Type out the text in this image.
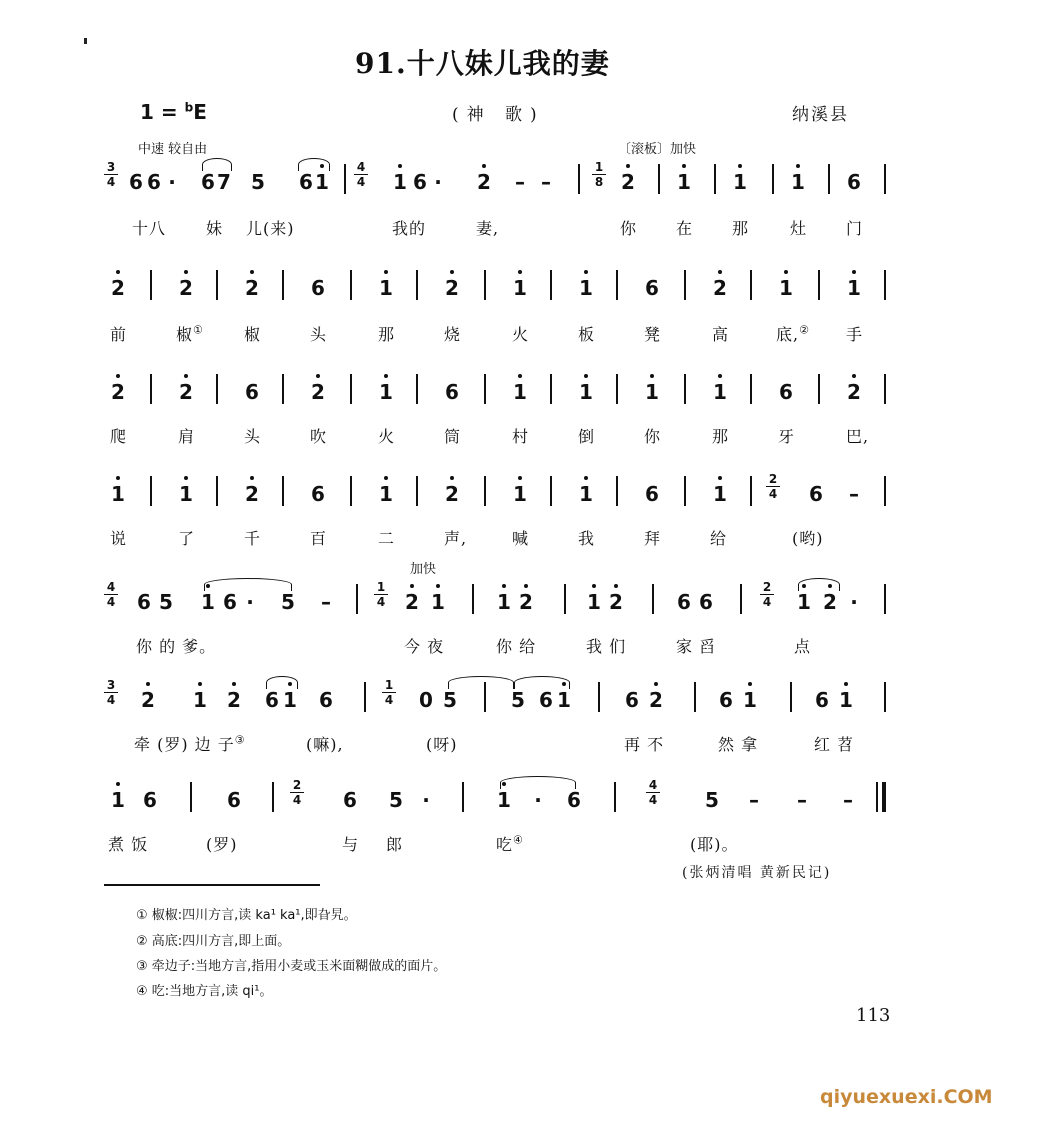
91.十八妹儿我的妻
1 = $^b$E	(神 歌)	纳溪县
中速 较自由	〔滚板〕加快
$\frac{3}{4} 6$ 6 · 6 7 5 6 $1 \frac{4}{4} 1$ 6 · 2 – –	$\frac{1}{8} 2$ 1 1 1 6
十八 妹 儿(来)	我的	妻,	你 在 那	灶 门
2	2	2	6	1	2	1	1	6	2	1	1
前	椒①	椒	头	那	烧	火	板	凳	高	底,② 手
2	2	6	2	1	6	1	1	1	1	6	2
爬	肩	头	吹	火	筒	村	倒	你	那	牙	巴,
1	1	2	6	1	2	1	1	6	1	$\frac{2}{4} 6$ –
说	了	千	百	二	声,	喊	我	拜	给	(哟)
加快
$\frac{4}{4} 6$ 5 1 6 · 5 –	$\frac{1}{4} 2$ 1	1 2	1 2	6 6	$\frac{2}{4} 1$ 2 ·
你 的 爹。	今 夜	你 给	我 们	家 舀	点
$\frac{3}{4} 2$ 1 2 6 1 6	$\frac{1}{4} 0$ 5	5 6 1	6 2	6 1	6 1
牵 (罗) 边 子③	(嘛),	(呀)	再 不	然 拿	红 苕
1 6	6	$\frac{2}{4} 6$ 5 ·	1 · 6	$\frac{4}{4} 5$ – – –
煮 饭	(罗)	与 郎	吃④	(耶)。
(张炳清唱 黄新民记)
① 椒椒:四川方言,读 ka¹ ka¹,即旮旯。
② 高底:四川方言,即上面。
③ 牵边子:当地方言,指用小麦或玉米面糊做成的面片。
④ 吃:当地方言,读 qi¹。
113
qiyuexuexi.COM
